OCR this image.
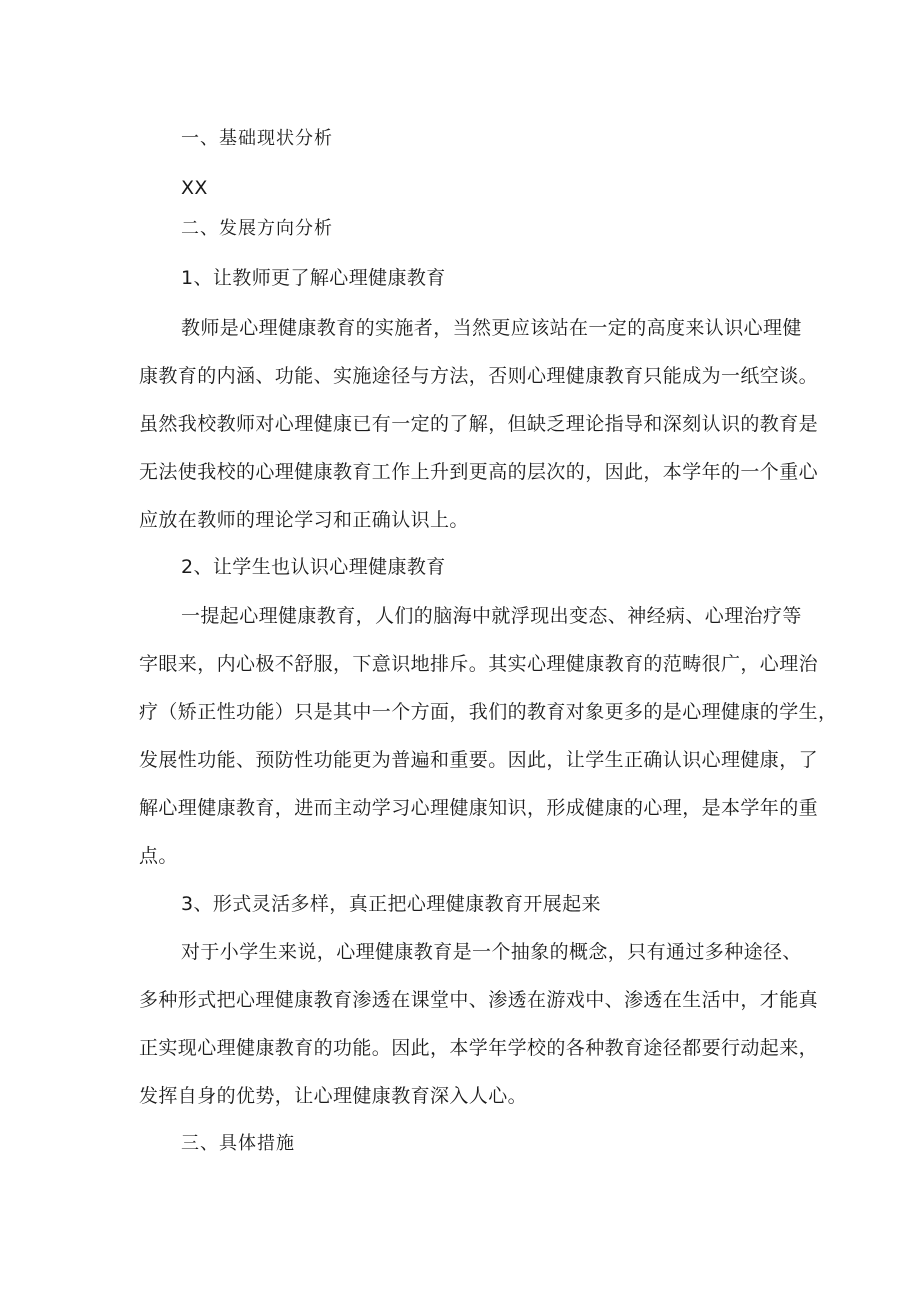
一、基础现状分析
XX
二、发展方向分析
1、让教师更了解心理健康教育
教师是心理健康教育的实施者，当然更应该站在一定的高度来认识心理健
康教育的内涵、功能、实施途径与方法，否则心理健康教育只能成为一纸空谈。
虽然我校教师对心理健康已有一定的了解，但缺乏理论指导和深刻认识的教育是
无法使我校的心理健康教育工作上升到更高的层次的，因此，本学年的一个重心
应放在教师的理论学习和正确认识上。
2、让学生也认识心理健康教育
一提起心理健康教育，人们的脑海中就浮现出变态、神经病、心理治疗等
字眼来，内心极不舒服，下意识地排斥。其实心理健康教育的范畴很广，心理治
疗（矫正性功能）只是其中一个方面，我们的教育对象更多的是心理健康的学生，
发展性功能、预防性功能更为普遍和重要。因此，让学生正确认识心理健康，了
解心理健康教育，进而主动学习心理健康知识，形成健康的心理，是本学年的重
点。
3、形式灵活多样，真正把心理健康教育开展起来
对于小学生来说，心理健康教育是一个抽象的概念，只有通过多种途径、
多种形式把心理健康教育渗透在课堂中、渗透在游戏中、渗透在生活中，才能真
正实现心理健康教育的功能。因此，本学年学校的各种教育途径都要行动起来，
发挥自身的优势，让心理健康教育深入人心。
三、具体措施
